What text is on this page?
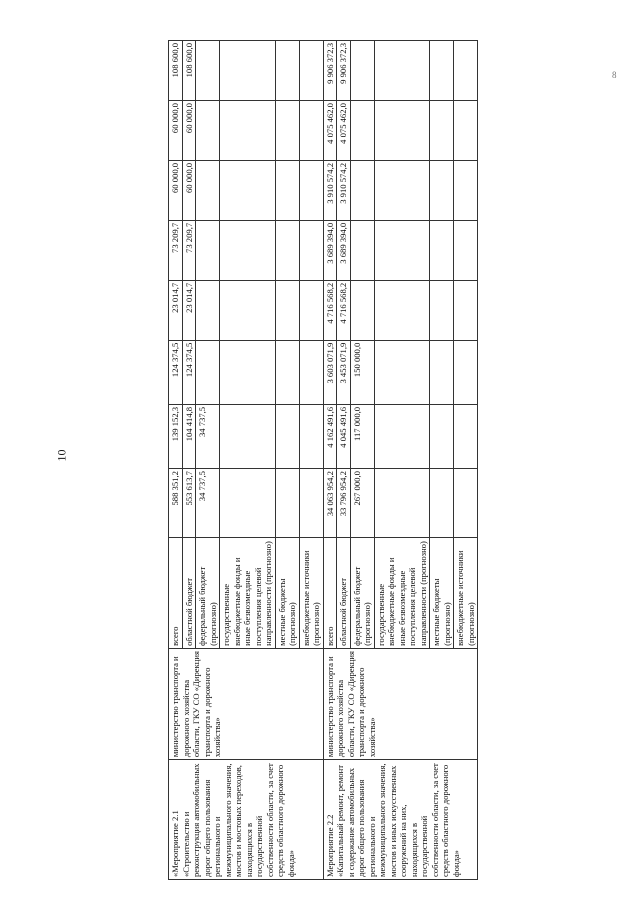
10
8

«Мероприятие 2.1 «Строительство и реконструкция автомобильных дорог общего пользования регионального и межмуниципального значения, мостов и мостовых переходов, находящихся в государственной собственности области, за счет средств областного дорожного фонда»	министерство транспорта и дорожного хозяйства области, ГКУ СО «Дирекция транспорта и дорожного хозяйства»	всего	588 351,2	139 152,3	124 374,5	23 014,7	73 209,7	60 000,0	60 000,0	108 600,0
		областной бюджет	553 613,7	104 414,8	124 374,5	23 014,7	73 209,7	60 000,0	60 000,0	108 600,0
		федеральный бюджет (прогнозно)	34 737,5	34 737,5						
		государственные внебюджетные фонды и иные безвозмездные поступления целевой направленности (прогнозно)								
		местные бюджеты (прогнозно)								
		внебюджетные источники (прогнозно)								
Мероприятие 2.2 «Капитальный ремонт, ремонт и содержание автомобильных дорог общего пользования регионального и межмуниципального значения, мостов и иных искусственных сооружений на них, находящихся в государственной собственности области, за счет средств областного дорожного фонда»	министерство транспорта и дорожного хозяйства области, ГКУ СО «Дирекция транспорта и дорожного хозяйства»	всего	34 063 954,2	4 162 491,6	3 603 071,9	4 716 568,2	3 689 394,0	3 910 574,2	4 075 462,0	9 906 372,3
		областной бюджет	33 796 954,2	4 045 491,6	3 453 071,9	4 716 568,2	3 689 394,0	3 910 574,2	4 075 462,0	9 906 372,3
		федеральный бюджет (прогнозно)	267 000,0	117 000,0	150 000,0					
		государственные внебюджетные фонды и иные безвозмездные поступления целевой направленности (прогнозно)								
		местные бюджеты (прогнозно)								
		внебюджетные источники (прогнозно)								
